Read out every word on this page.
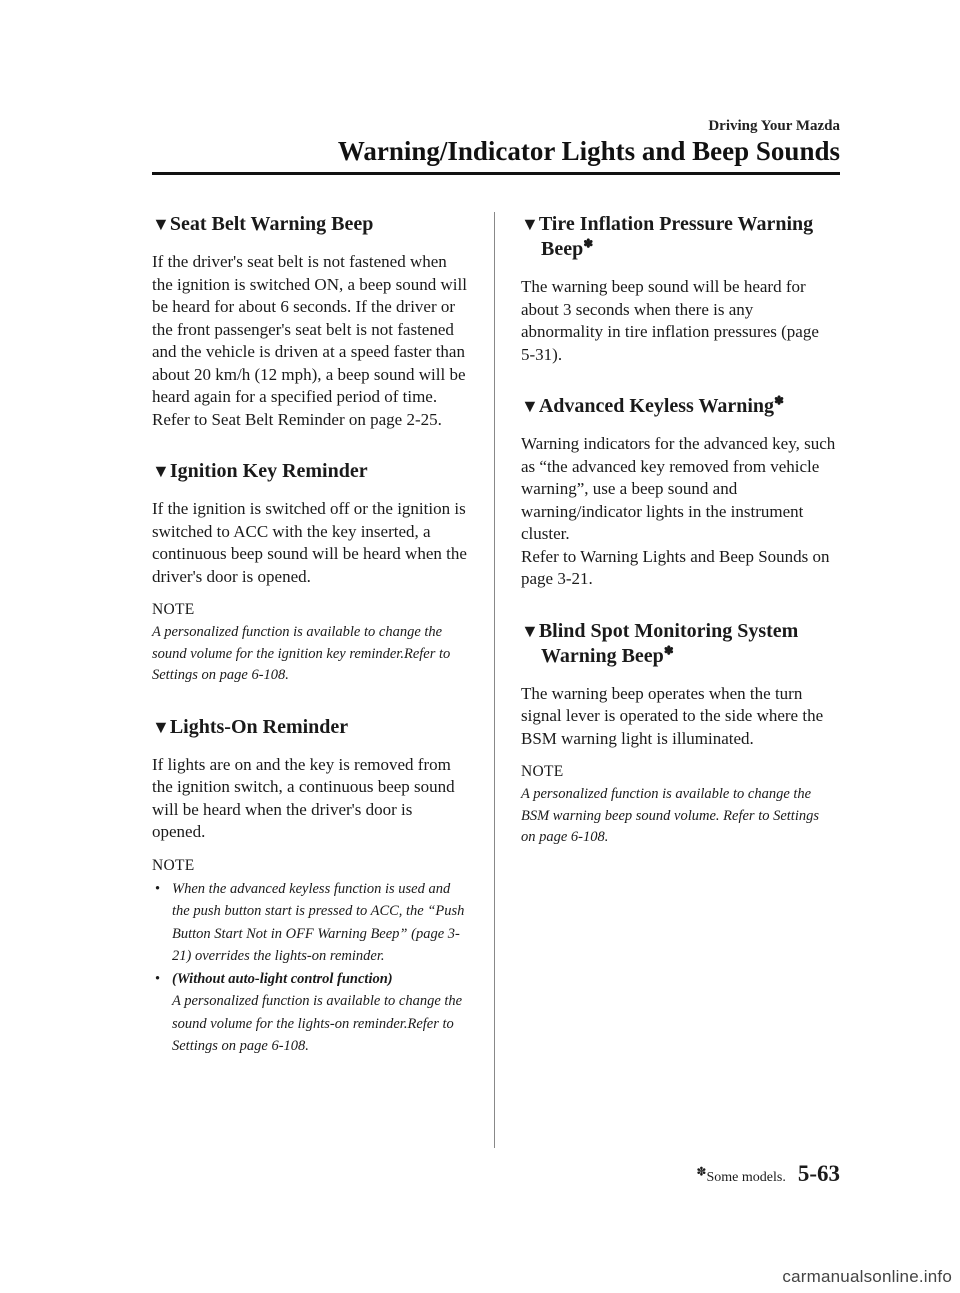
Driving Your Mazda
Warning/Indicator Lights and Beep Sounds
▼Seat Belt Warning Beep

If the driver's seat belt is not fastened when the ignition is switched ON, a beep sound will be heard for about 6 seconds. If the driver or the front passenger's seat belt is not fastened and the vehicle is driven at a speed faster than about 20 km/h (12 mph), a beep sound will be heard again for a specified period of time. Refer to Seat Belt Reminder on page 2-25.

▼Ignition Key Reminder

If the ignition is switched off or the ignition is switched to ACC with the key inserted, a continuous beep sound will be heard when the driver's door is opened.

NOTE

A personalized function is available to change the sound volume for the ignition key reminder.Refer to Settings on page 6-108.

▼Lights-On Reminder

If lights are on and the key is removed from the ignition switch, a continuous beep sound will be heard when the driver's door is opened.

NOTE
• When the advanced keyless function is used and the push button start is pressed to ACC, the “Push Button Start Not in OFF Warning Beep” (page 3-21) overrides the lights-on reminder.
• (Without auto-light control function)
A personalized function is available to change the sound volume for the lights-on reminder.Refer to Settings on page 6-108.
▼Tire Inflation Pressure Warning Beep✽

The warning beep sound will be heard for about 3 seconds when there is any abnormality in tire inflation pressures (page 5-31).

▼Advanced Keyless Warning✽

Warning indicators for the advanced key, such as “the advanced key removed from vehicle warning”, use a beep sound and warning/indicator lights in the instrument cluster.

Refer to Warning Lights and Beep Sounds on page 3-21.

▼Blind Spot Monitoring System Warning Beep✽

The warning beep operates when the turn signal lever is operated to the side where the BSM warning light is illuminated.

NOTE

A personalized function is available to change the BSM warning beep sound volume. Refer to Settings on page 6-108.

✽Some models. 5-63
carmanualsonline.info
